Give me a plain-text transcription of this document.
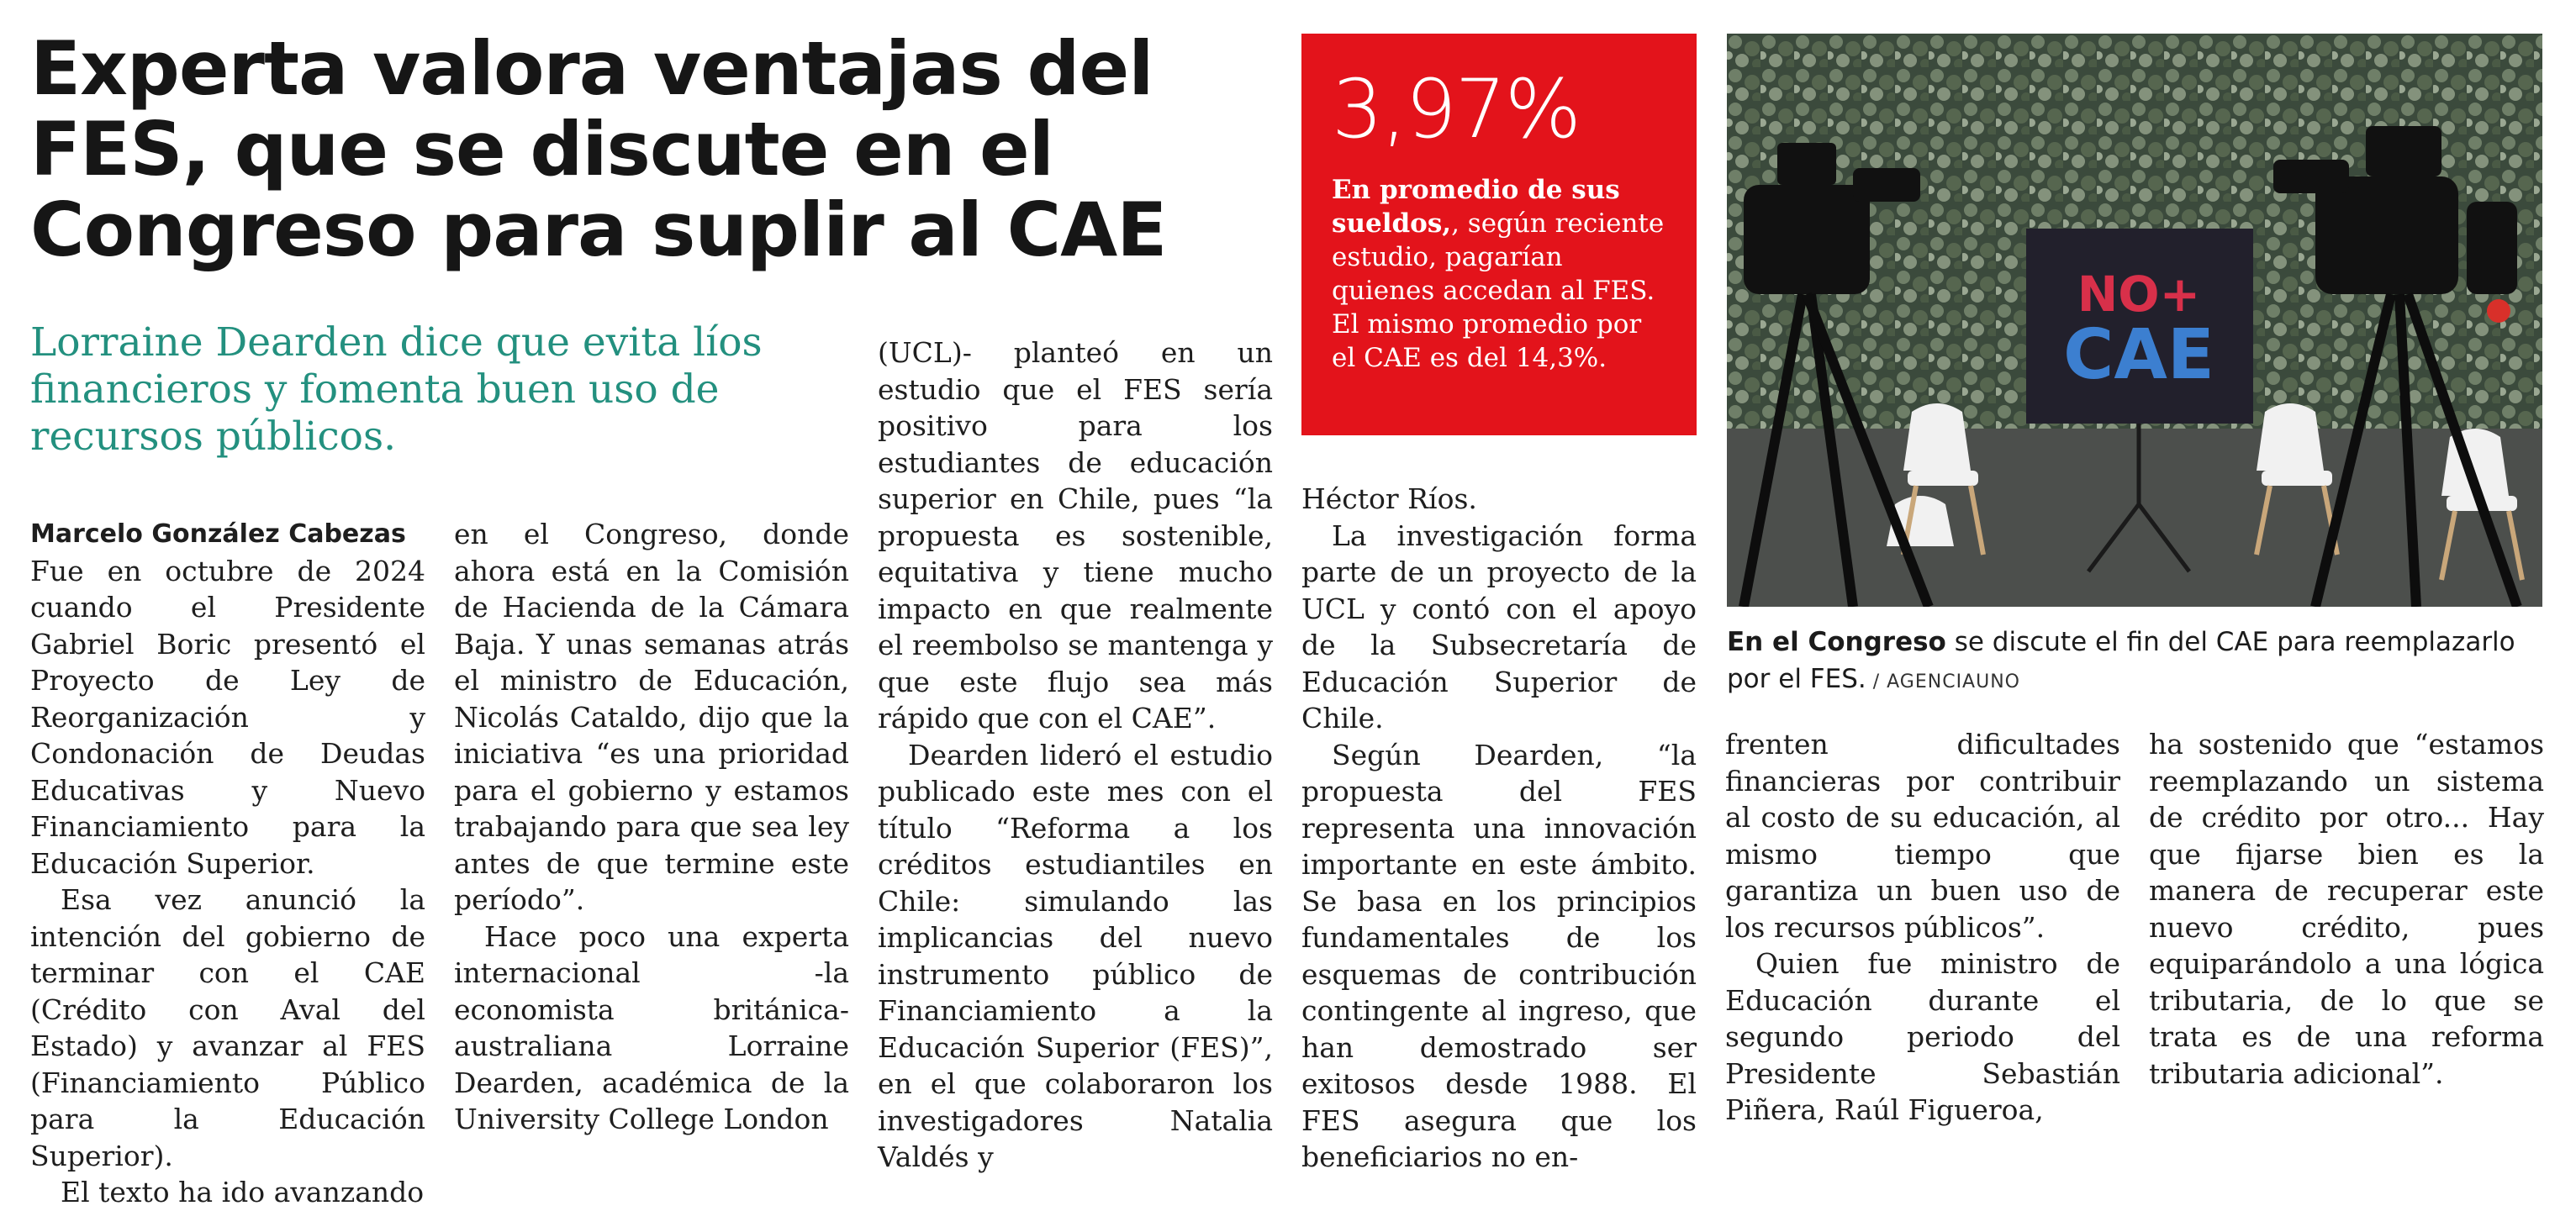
Experta valora ventajas del FES, que se discute en el Congreso para suplir al CAE

Lorraine Dearden dice que evita líos financieros y fomenta buen uso de recursos públicos.

Marcelo González Cabezas

Fue en octubre de 2024 cuando el Presidente Gabriel Boric presentó el Proyecto de Ley de Reorganización y Condonación de Deudas Educativas y Nuevo Financiamiento para la Educación Superior.

Esa vez anunció la intención del gobierno de terminar con el CAE (Crédito con Aval del Estado) y avanzar al FES (Financiamiento Público para la Educación Superior).

El texto ha ido avanzando

en el Congreso, donde ahora está en la Comisión de Hacienda de la Cámara Baja. Y unas semanas atrás el ministro de Educación, Nicolás Cataldo, dijo que la iniciativa “es una prioridad para el gobierno y estamos trabajando para que sea ley antes de que termine este período”.

Hace poco una experta internacional -la economista británica-australiana Lorraine Dearden, académica de la University College London

(UCL)- planteó en un estudio que el FES sería positivo para los estudiantes de educación superior en Chile, pues “la propuesta es sostenible, equitativa y tiene mucho impacto en que realmente el reembolso se mantenga y que este flujo sea más rápido que con el CAE”.

Dearden lideró el estudio publicado este mes con el título “Reforma a los créditos estudiantiles en Chile: simulando las implicancias del nuevo instrumento público de Financiamiento a la Educación Superior (FES)”, en el que colaboraron los investigadores Natalia Valdés y

3,97%

En promedio de sus sueldos,, según reciente estudio, pagarían quienes accedan al FES. El mismo promedio por el CAE es del 14,3%.

Héctor Ríos.

La investigación forma parte de un proyecto de la UCL y contó con el apoyo de la Subsecretaría de Educación Superior de Chile.

Según Dearden, “la propuesta del FES representa una innovación importante en este ámbito. Se basa en los principios fundamentales de los esquemas de contribución contingente al ingreso, que han demostrado ser exitosos desde 1988. El FES asegura que los beneficiarios no en-

NO+
CAE
En el Congreso se discute el fin del CAE para reemplazarlo por el FES. / AGENCIAUNO

frenten dificultades financieras por contribuir al costo de su educación, al mismo tiempo que garantiza un buen uso de los recursos públicos”.

Quien fue ministro de Educación durante el segundo periodo del Presidente Sebastián Piñera, Raúl Figueroa,

ha sostenido que “estamos reemplazando un sistema de crédito por otro... Hay que fijarse bien es la manera de recuperar este nuevo crédito, pues equiparándolo a una lógica tributaria, de lo que se trata es de una reforma tributaria adicional”.
